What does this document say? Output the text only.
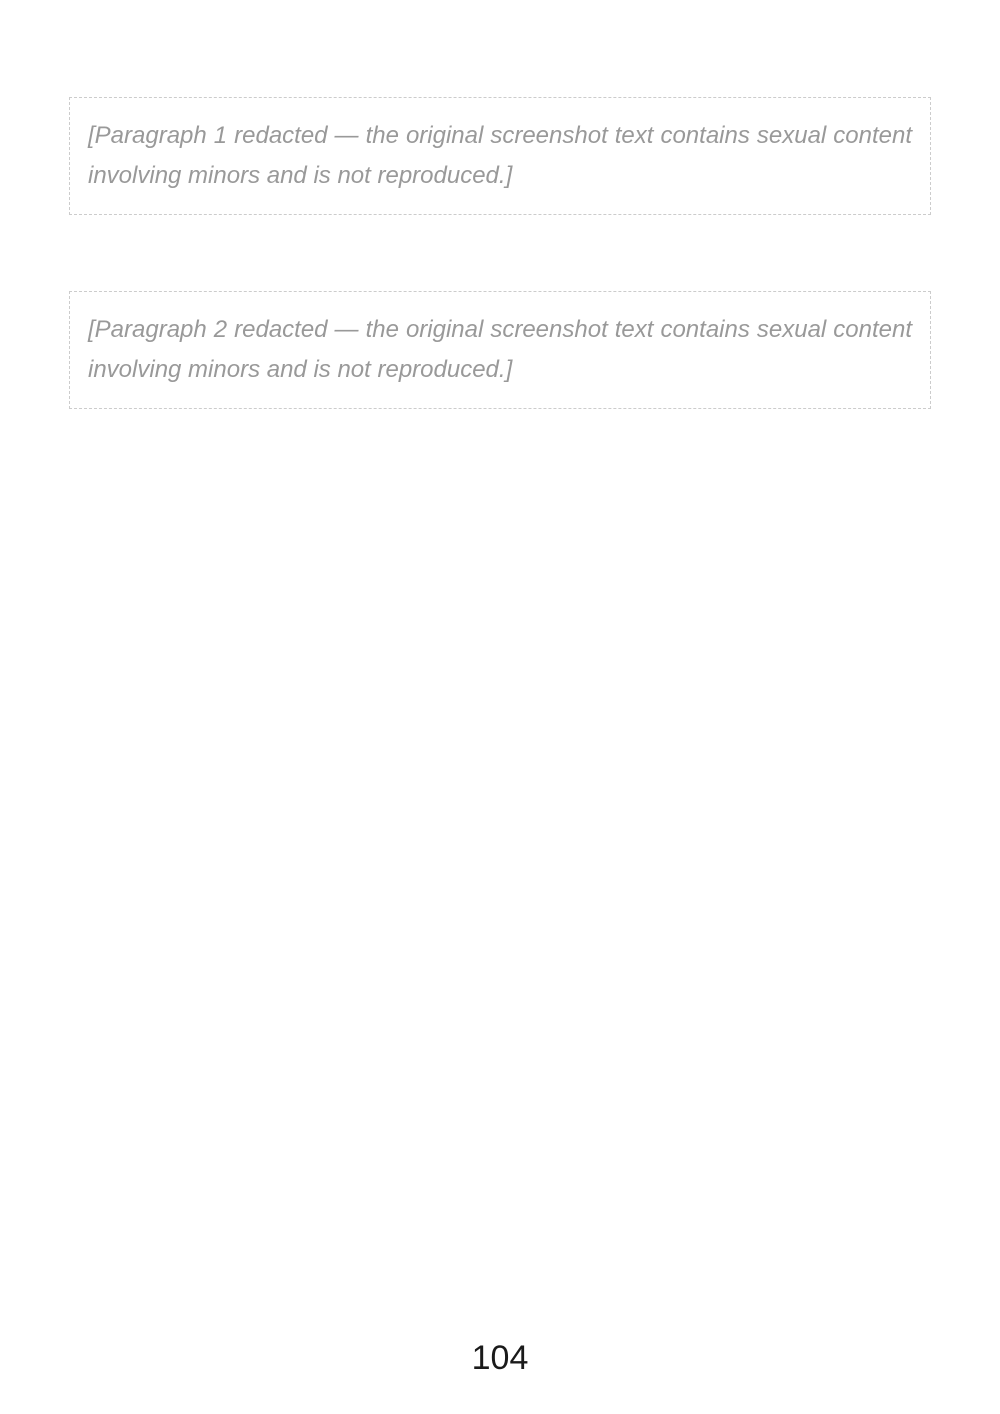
[Paragraph 1 redacted — the original screenshot text contains sexual content involving minors and is not reproduced.]

[Paragraph 2 redacted — the original screenshot text contains sexual content involving minors and is not reproduced.]

104
